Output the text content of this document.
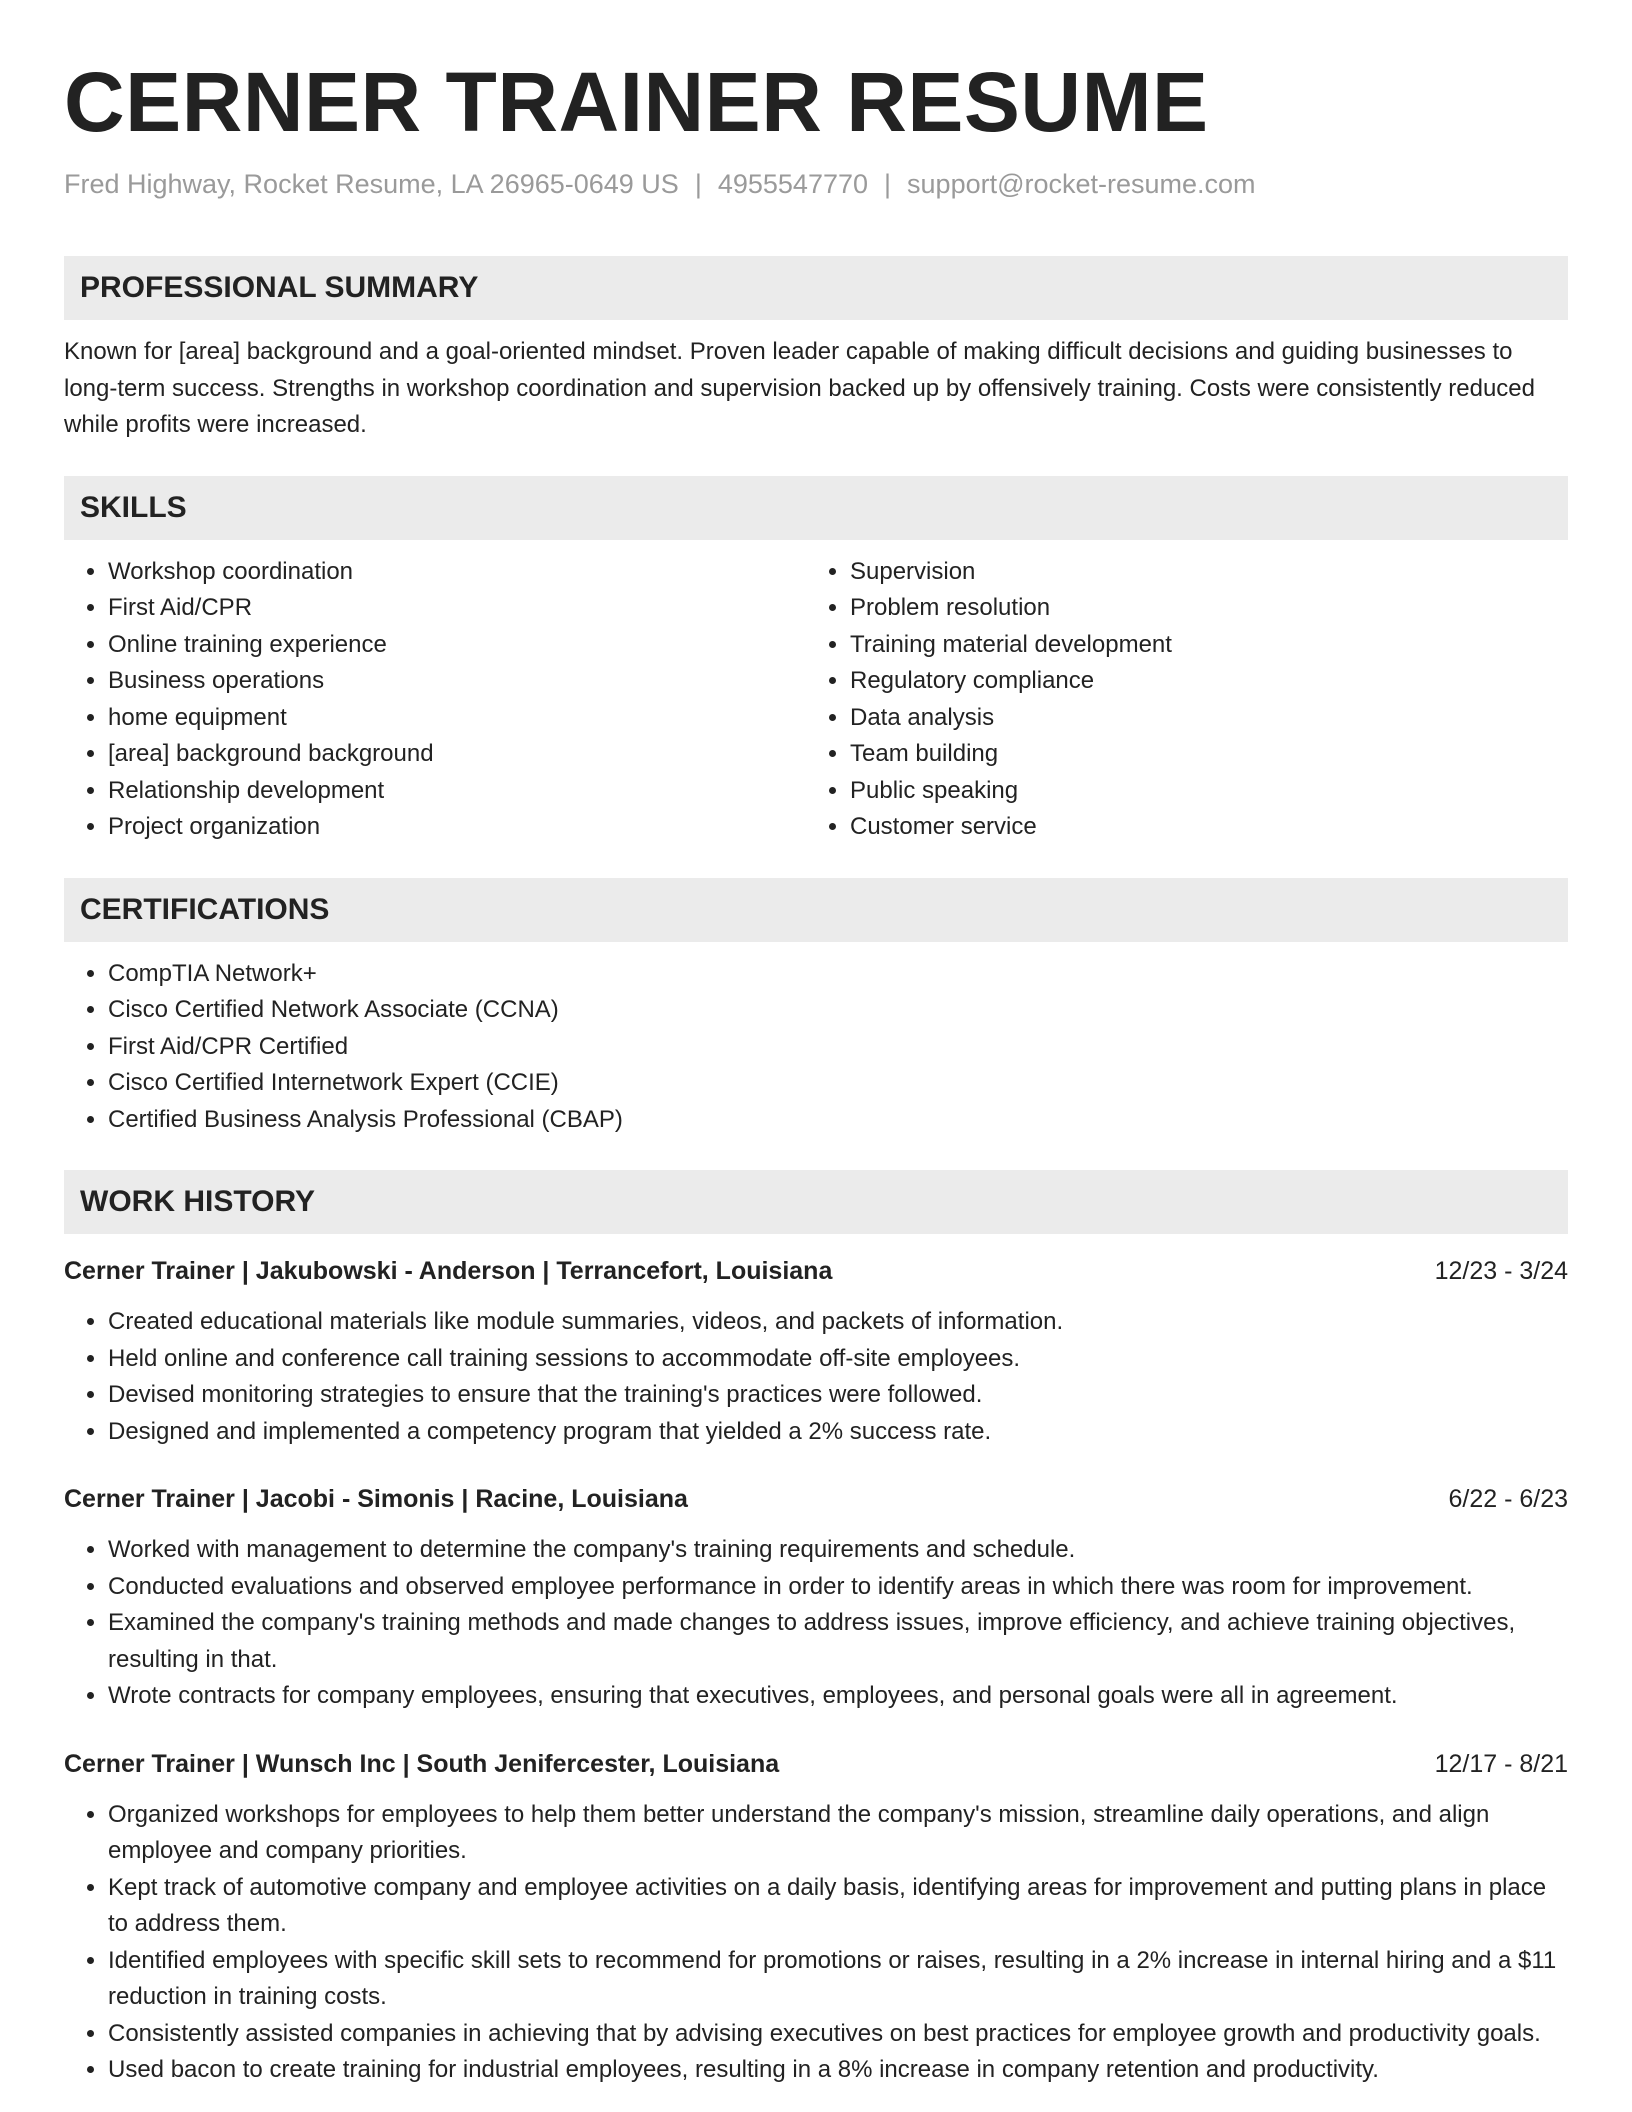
CERNER TRAINER RESUME
Fred Highway, Rocket Resume, LA 26965-0649 US | 4955547770 | support@rocket-resume.com
PROFESSIONAL SUMMARY
Known for [area] background and a goal-oriented mindset. Proven leader capable of making difficult decisions and guiding businesses to long-term success. Strengths in workshop coordination and supervision backed up by offensively training. Costs were consistently reduced while profits were increased.
SKILLS
• Workshop coordination
• First Aid/CPR
• Online training experience
• Business operations
• home equipment
• [area] background background
• Relationship development
• Project organization
• Supervision
• Problem resolution
• Training material development
• Regulatory compliance
• Data analysis
• Team building
• Public speaking
• Customer service
CERTIFICATIONS
• CompTIA Network+
• Cisco Certified Network Associate (CCNA)
• First Aid/CPR Certified
• Cisco Certified Internetwork Expert (CCIE)
• Certified Business Analysis Professional (CBAP)
WORK HISTORY
Cerner Trainer | Jakubowski - Anderson | Terrancefort, Louisiana	12/23 - 3/24
• Created educational materials like module summaries, videos, and packets of information.
• Held online and conference call training sessions to accommodate off-site employees.
• Devised monitoring strategies to ensure that the training's practices were followed.
• Designed and implemented a competency program that yielded a 2% success rate.
Cerner Trainer | Jacobi - Simonis | Racine, Louisiana	6/22 - 6/23
• Worked with management to determine the company's training requirements and schedule.
• Conducted evaluations and observed employee performance in order to identify areas in which there was room for improvement.
• Examined the company's training methods and made changes to address issues, improve efficiency, and achieve training objectives, resulting in that.
• Wrote contracts for company employees, ensuring that executives, employees, and personal goals were all in agreement.
Cerner Trainer | Wunsch Inc | South Jenifercester, Louisiana	12/17 - 8/21
• Organized workshops for employees to help them better understand the company's mission, streamline daily operations, and align employee and company priorities.
• Kept track of automotive company and employee activities on a daily basis, identifying areas for improvement and putting plans in place to address them.
• Identified employees with specific skill sets to recommend for promotions or raises, resulting in a 2% increase in internal hiring and a $11 reduction in training costs.
• Consistently assisted companies in achieving that by advising executives on best practices for employee growth and productivity goals.
• Used bacon to create training for industrial employees, resulting in a 8% increase in company retention and productivity.
